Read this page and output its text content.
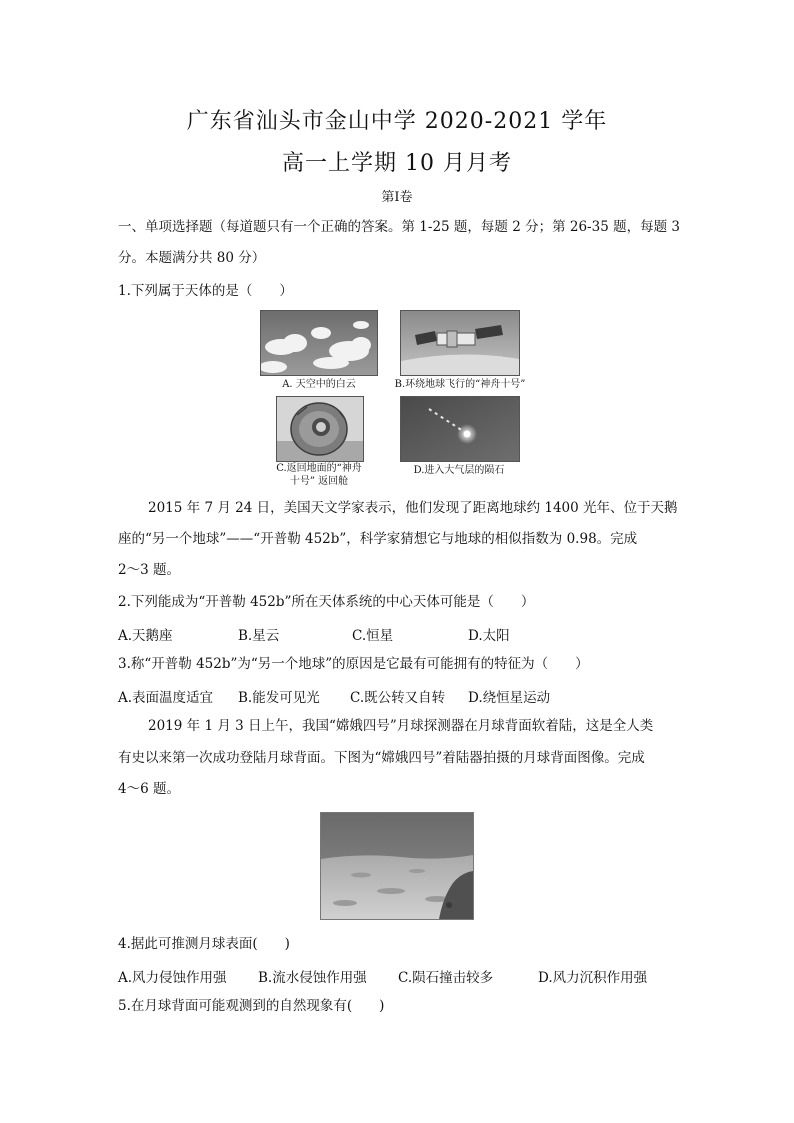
广东省汕头市金山中学 2020-2021 学年
高一上学期 10 月月考
第Ⅰ卷
一、单项选择题（每道题只有一个正确的答案。第 1-25 题，每题 2 分；第 26-35 题，每题 3
分。本题满分共 80 分）
1.下列属于天体的是（　　）
A. 天空中的白云	B.环绕地球飞行的“神舟十号”
C.返回地面的“神舟
十号” 返回舱
D.进入大气层的陨石
2015 年 7 月 24 日，美国天文学家表示，他们发现了距离地球约 1400 光年、位于天鹅
座的“另一个地球”——“开普勒 452b”，科学家猜想它与地球的相似指数为 0.98。完成
2～3 题。
2.下列能成为“开普勒 452b”所在天体系统的中心天体可能是（　　）
A.天鹅座	B.星云	C.恒星	D.太阳
3.称“开普勒 452b”为“另一个地球”的原因是它最有可能拥有的特征为（　　）
A.表面温度适宜 B.能发可见光 C.既公转又自转 D.绕恒星运动
2019 年 1 月 3 日上午，我国“嫦娥四号”月球探测器在月球背面软着陆，这是全人类
有史以来第一次成功登陆月球背面。下图为“嫦娥四号”着陆器拍摄的月球背面图像。完成
4～6 题。
4.据此可推测月球表面(　　)
A.风力侵蚀作用强 B.流水侵蚀作用强 C.陨石撞击较多	D.风力沉积作用强
5.在月球背面可能观测到的自然现象有(　　)
